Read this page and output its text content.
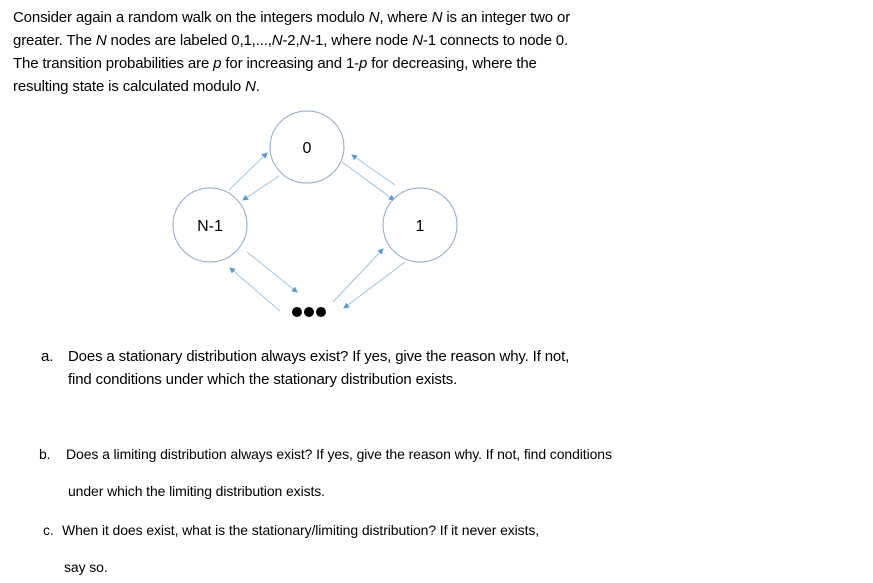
Consider again a random walk on the integers modulo N, where N is an integer two or
greater. The N nodes are labeled 0,1,...,N-2,N-1, where node N-1 connects to node 0.
The transition probabilities are p for increasing and 1-p for decreasing, where the
resulting state is calculated modulo N.
0
N-1	1
a. Does a stationary distribution always exist? If yes, give the reason why. If not,
find conditions under which the stationary distribution exists.
b. Does a limiting distribution always exist? If yes, give the reason why. If not, find conditions
under which the limiting distribution exists.
c. When it does exist, what is the stationary/limiting distribution? If it never exists,
say so.
